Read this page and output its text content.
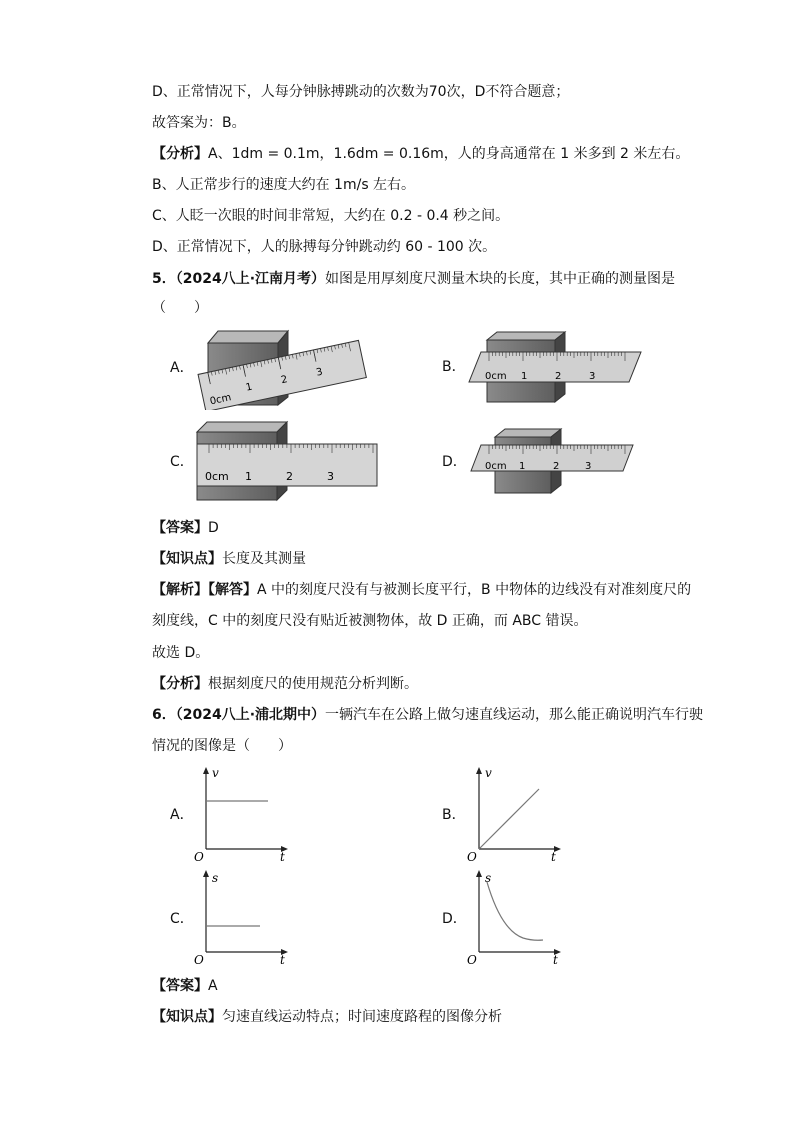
D、正常情况下，人每分钟脉搏跳动的次数为70次，D不符合题意；
故答案为：B。
【分析】A、1dm = 0.1m，1.6dm = 0.16m，人的身高通常在 1 米多到 2 米左右。
B、人正常步行的速度大约在 1m/s 左右。
C、人眨一次眼的时间非常短，大约在 0.2 - 0.4 秒之间。
D、正常情况下，人的脉搏每分钟跳动约 60 - 100 次。
5．（2024八上·江南月考）如图是用厚刻度尺测量木块的长度，其中正确的测量图是
（　　）
A．	B．
C．	D．
0cm
1
2
3	0cm 1	2	3
0cm 1	2	3
0cm 1	2	3
【答案】D
【知识点】长度及其测量
【解析】【解答】A 中的刻度尺没有与被测长度平行，B 中物体的边线没有对准刻度尺的
刻度线，C 中的刻度尺没有贴近被测物体，故 D 正确，而 ABC 错误。
故选 D。
【分析】根据刻度尺的使用规范分析判断。
6．（2024八上·浦北期中）一辆汽车在公路上做匀速直线运动，那么能正确说明汽车行驶
情况的图像是（　　）
A．	B．
C．	D．
v
t
O
v
t
O
s
t
O
s
t
O
【答案】A
【知识点】匀速直线运动特点；时间速度路程的图像分析
